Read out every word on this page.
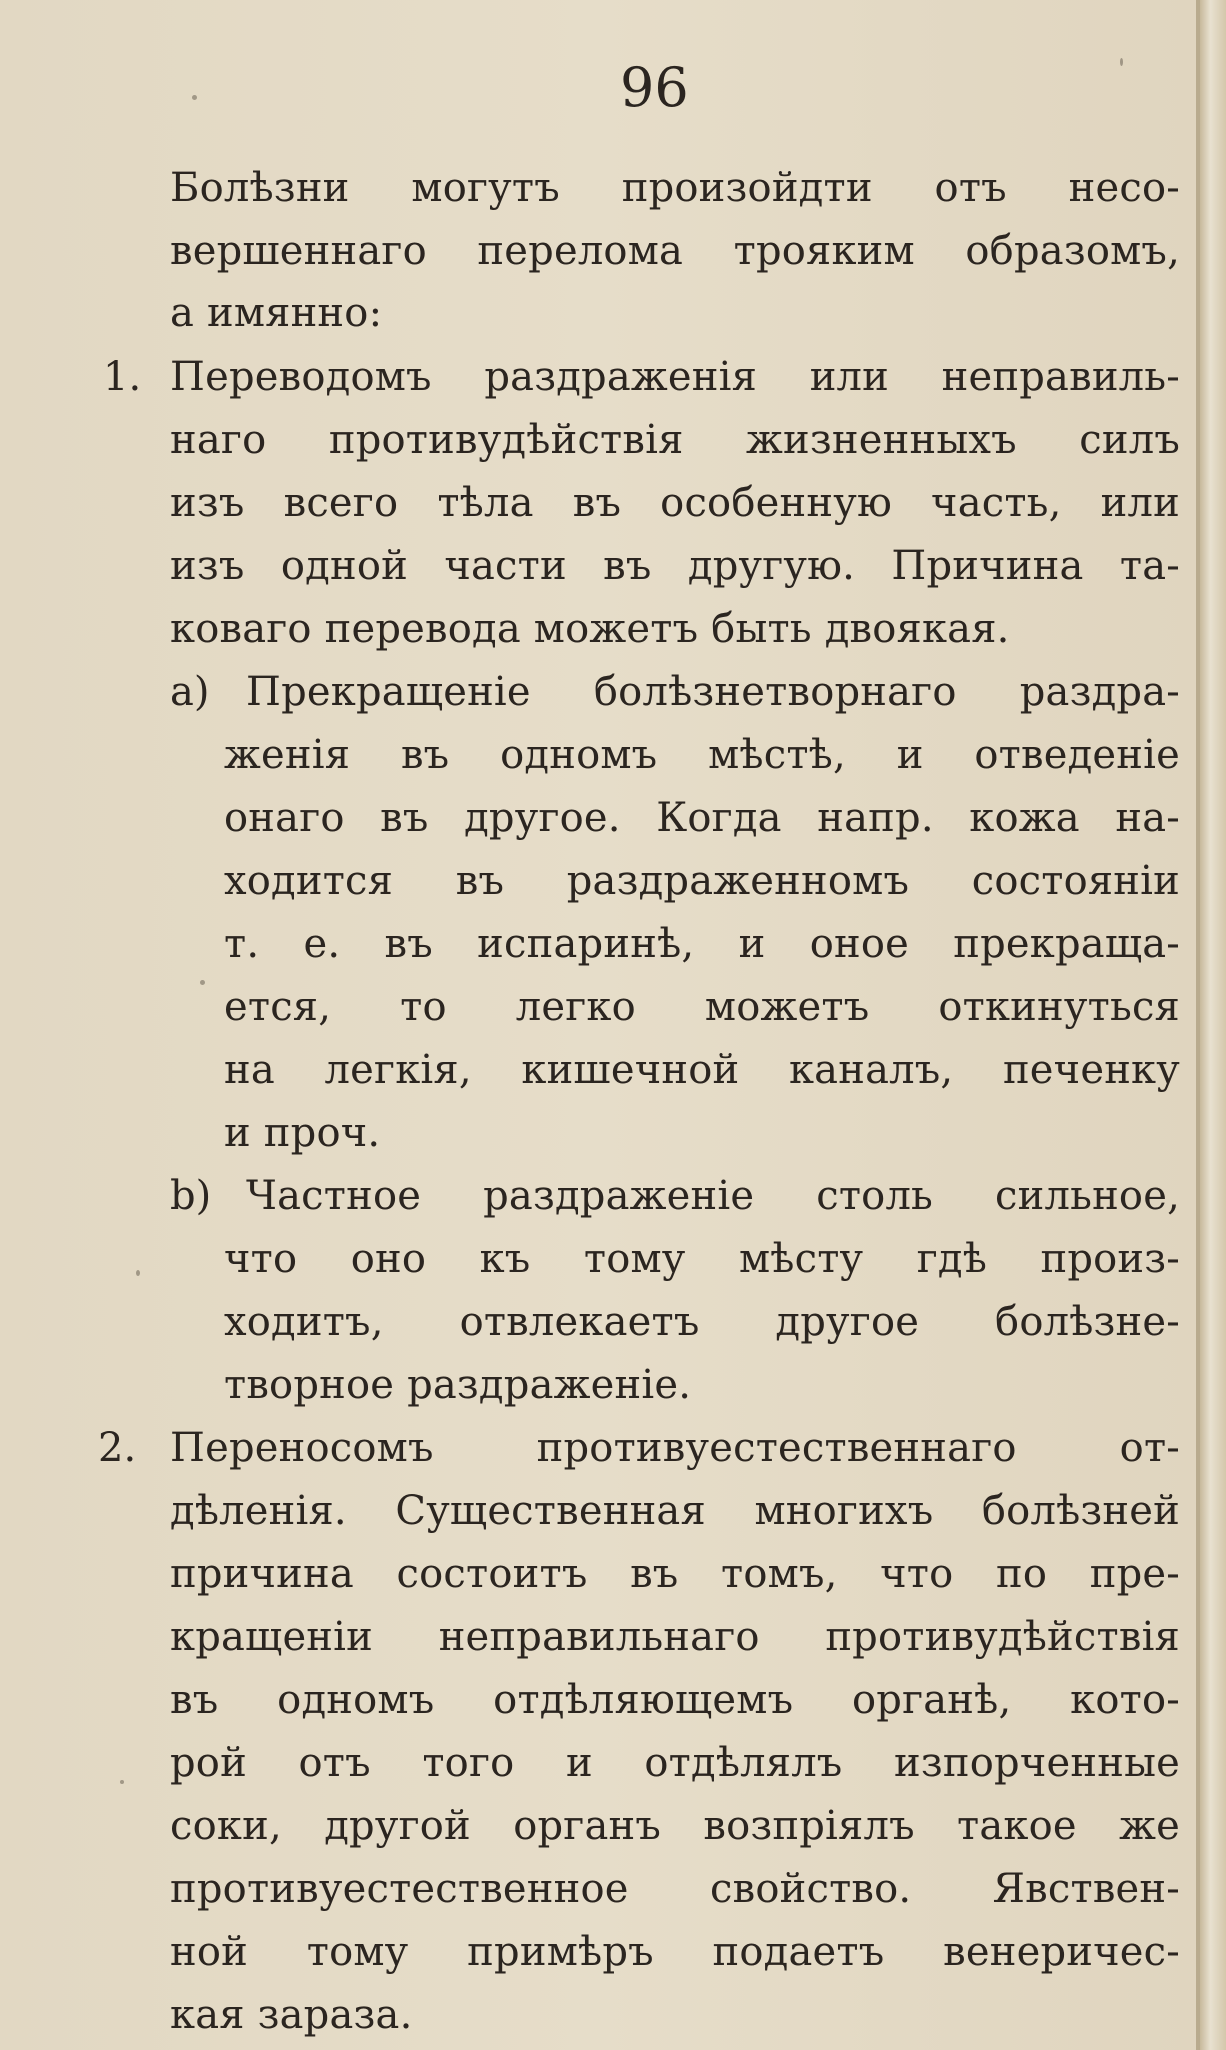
96
Болѣзни могутъ произойдти отъ несо-
вершеннаго перелома трояким образомъ,
а имянно:
1. Переводомъ раздраженія или неправиль-
наго противудѣйствія жизненныхъ силъ
изъ всего тѣла въ особенную часть, или
изъ одной части въ другую. Причина та-
коваго перевода можетъ быть двоякая.
а) Прекращеніе болѣзнетворнаго раздра-
женія въ одномъ мѣстѣ, и отведеніе
онаго въ другое. Когда напр. кожа на-
ходится въ раздраженномъ состояніи
т. е. въ испаринѣ, и оное прекраща-
ется, то легко можетъ откинуться
на легкія, кишечной каналъ, печенку
и проч.
b) Частное раздраженіе столь сильное,
что оно къ тому мѣсту гдѣ произ-
ходитъ, отвлекаетъ другое болѣзне-
творное раздраженіе.
2. Переносомъ противуестественнаго от-
дѣленія. Существенная многихъ болѣзней
причина состоитъ въ томъ, что по пре-
кращеніи неправильнаго противудѣйствія
въ одномъ отдѣляющемъ органѣ, кото-
рой отъ того и отдѣлялъ изпорченные
соки, другой органъ возпріялъ такое же
противуестественное свойство. Явствен-
ной тому примѣръ подаетъ венеричес-
кая зараза.
